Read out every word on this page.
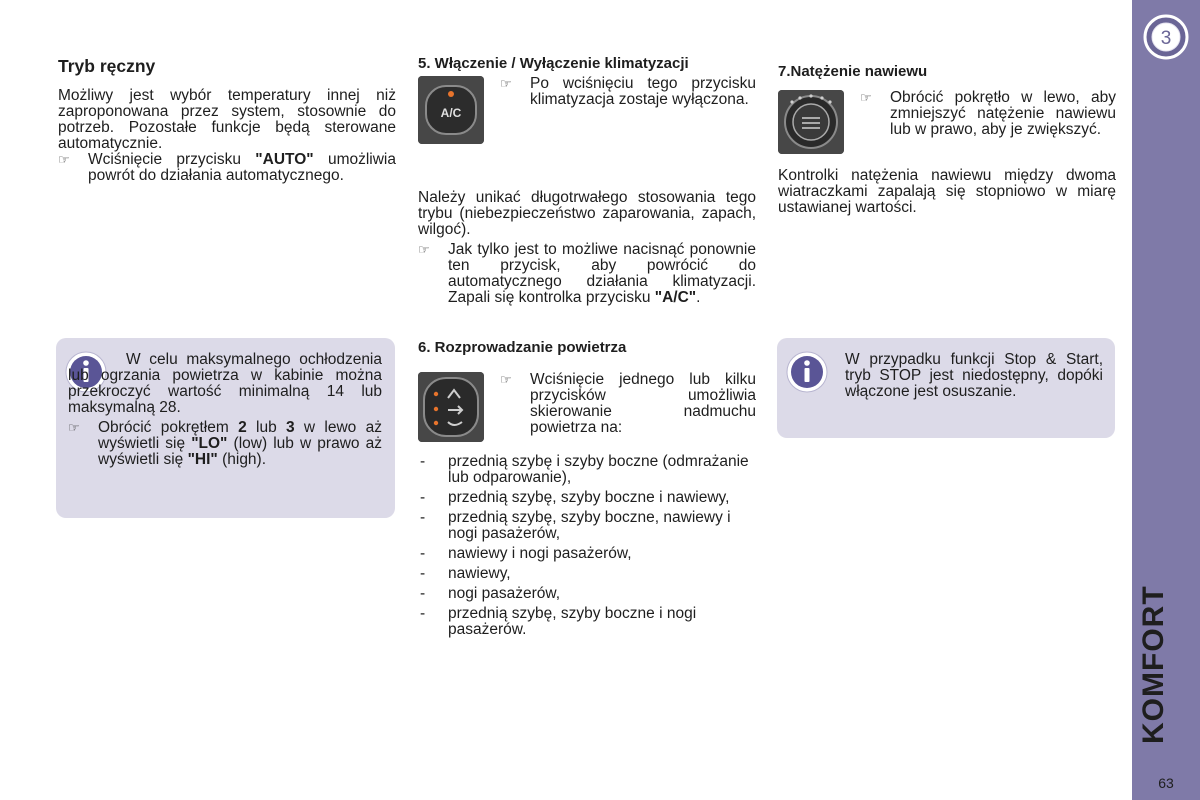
3
KOMFORT
63
Tryb ręczny

Możliwy jest wybór temperatury innej niż zaproponowana przez system, stosownie do potrzeb. Pozostałe funkcje będą sterowane automatycznie.

☞ Wciśnięcie przycisku "AUTO" umożliwia powrót do działania automatycznego.

W celu maksymalnego ochłodzenia lub ogrzania powietrza w kabinie można przekroczyć wartość minimalną 14 lub maksymalną 28.

☞ Obrócić pokrętłem 2 lub 3 w lewo aż wyświetli się "LO" (low) lub w prawo aż wyświetli się "HI" (high).
5. Włączenie / Wyłączenie klimatyzacji
A/C
☞ Po wciśnięciu tego przycisku klimatyzacja zostaje wyłączona.

Należy unikać długotrwałego stosowania tego trybu (niebezpieczeństwo zaparowania, zapach, wilgoć).

☞ Jak tylko jest to możliwe nacisnąć ponownie ten przycisk, aby powrócić do automatycznego działania klimatyzacji. Zapali się kontrolka przycisku "A/C".
6. Rozprowadzanie powietrza
☞ Wciśnięcie jednego lub kilku przycisków umożliwia skierowanie nadmuchu powietrza na:
- przednią szybę i szyby boczne (odmrażanie lub odparowanie),
- przednią szybę, szyby boczne i nawiewy,
- przednią szybę, szyby boczne, nawiewy i nogi pasażerów,
- nawiewy i nogi pasażerów,
- nawiewy,
- nogi pasażerów,
- przednią szybę, szyby boczne i nogi pasażerów.
7.Natężenie nawiewu
☞ Obrócić pokrętło w lewo, aby zmniejszyć natężenie nawiewu lub w prawo, aby je zwiększyć.

Kontrolki natężenia nawiewu między dwoma wiatraczkami zapalają się stopniowo w miarę ustawianej wartości.

W przypadku funkcji Stop & Start, tryb STOP jest niedostępny, dopóki włączone jest osuszanie.
